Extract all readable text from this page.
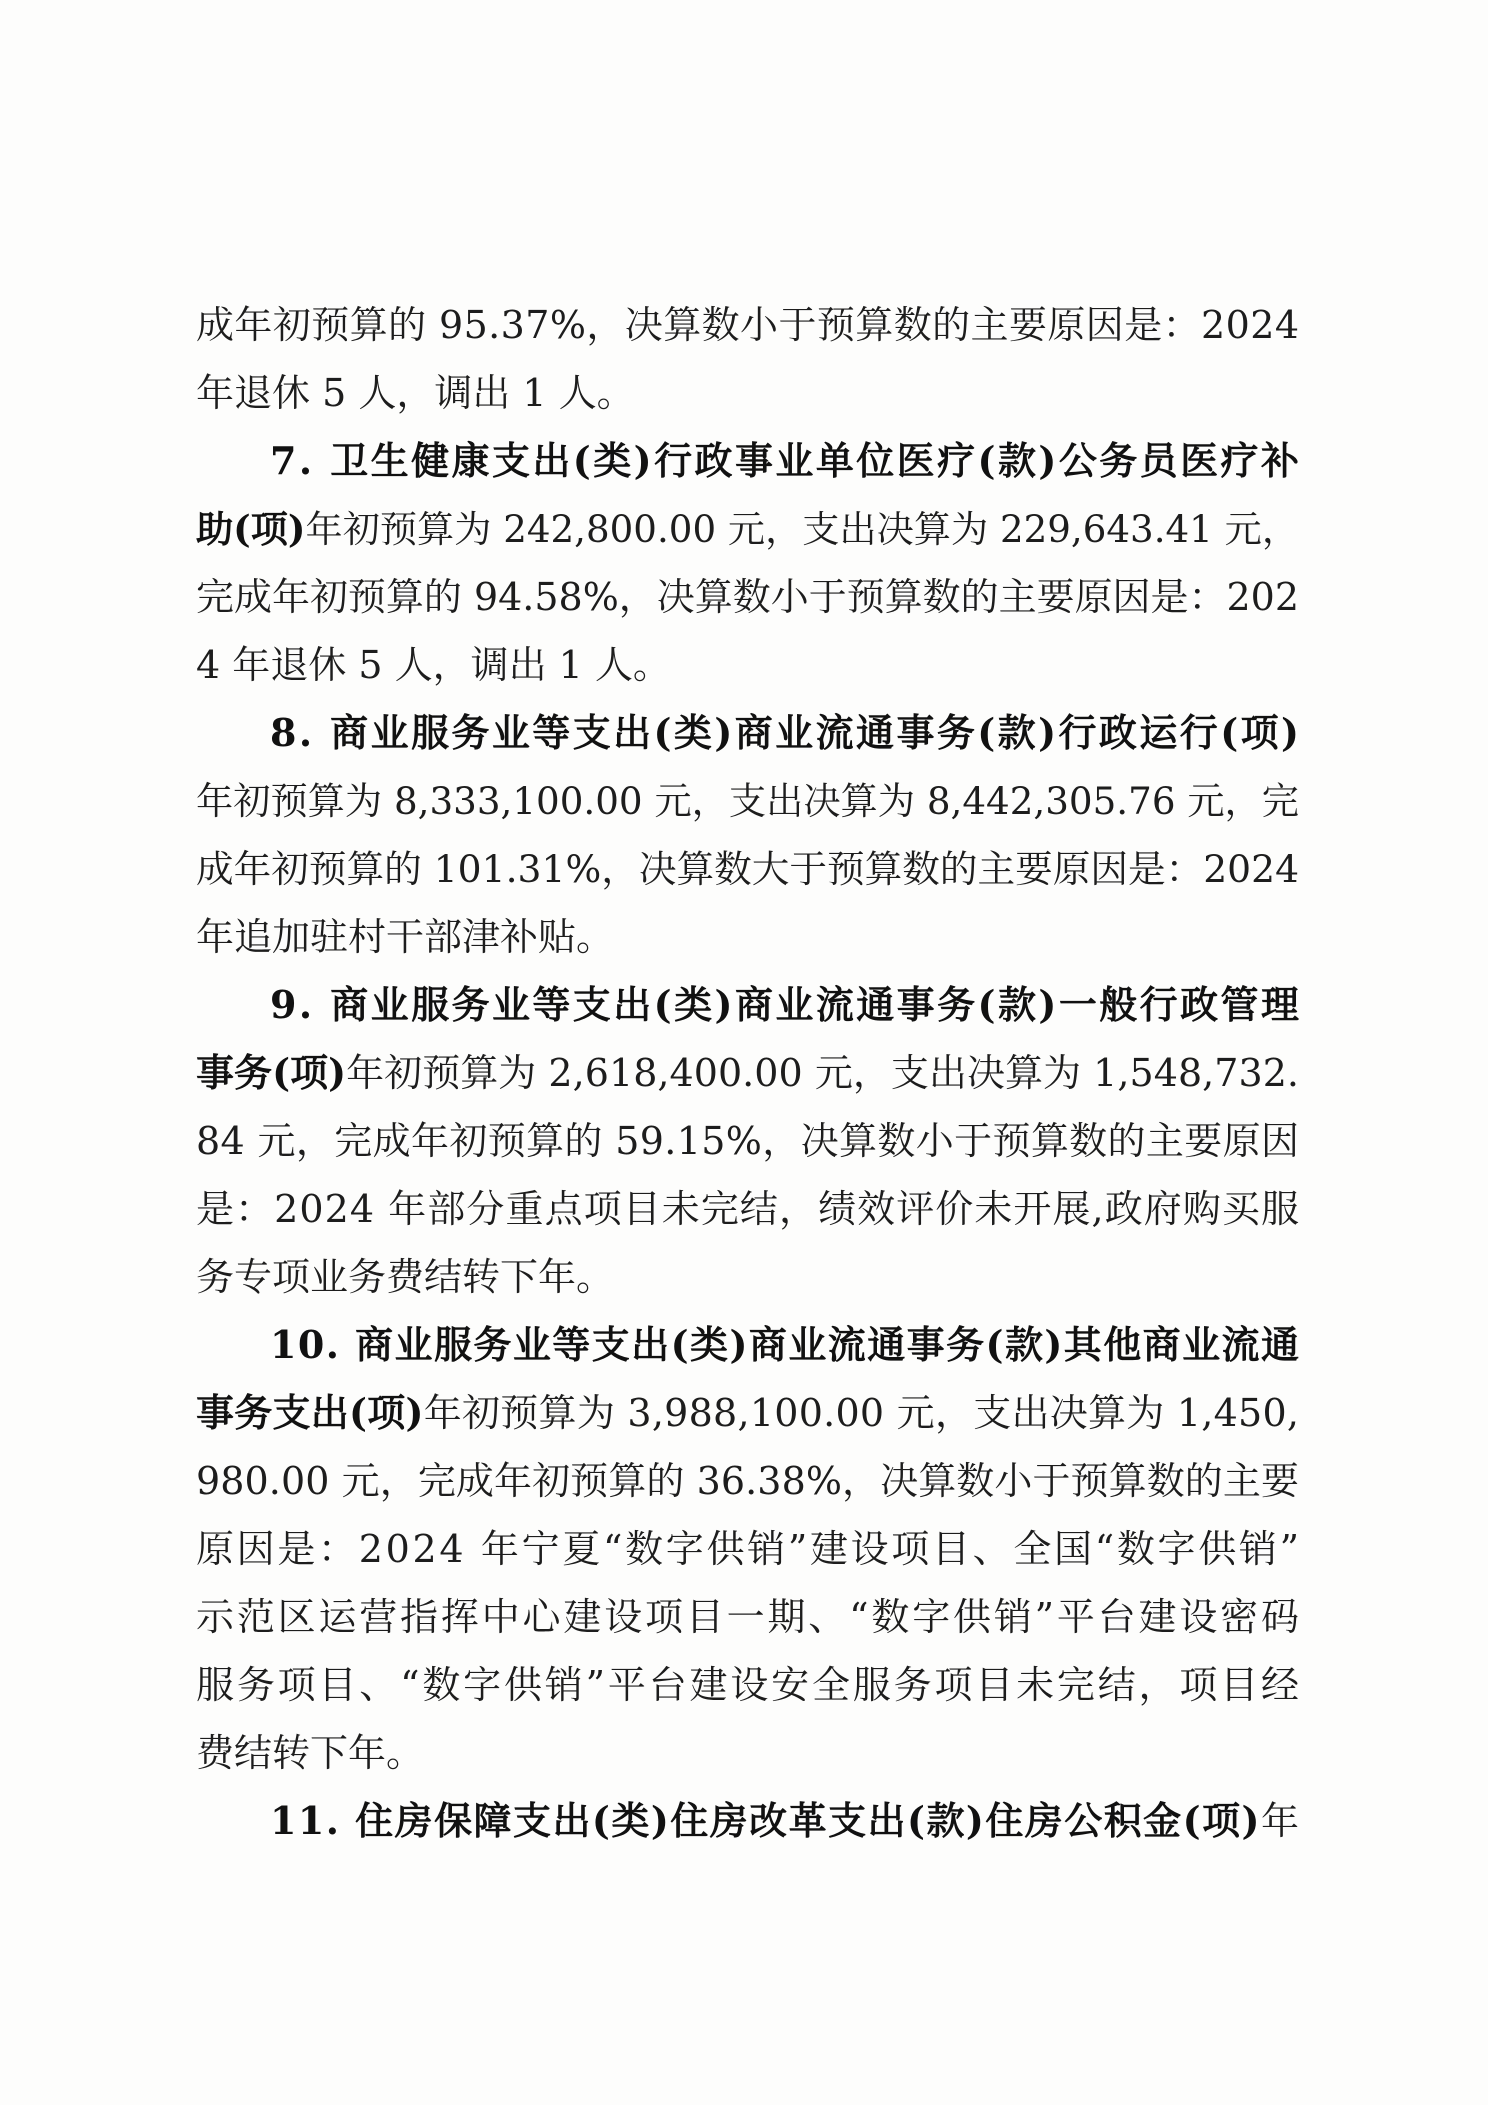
成年初预算的 95.37%，决算数小于预算数的主要原因是：2024
年退休 5 人，调出 1 人。
7. 卫生健康支出(类)行政事业单位医疗(款)公务员医疗补
助(项)年初预算为 242,800.00 元，支出决算为 229,643.41 元，
完成年初预算的 94.58%，决算数小于预算数的主要原因是：202
4 年退休 5 人，调出 1 人。
8. 商业服务业等支出(类)商业流通事务(款)行政运行(项)
年初预算为 8,333,100.00 元，支出决算为 8,442,305.76 元，完
成年初预算的 101.31%，决算数大于预算数的主要原因是：2024
年追加驻村干部津补贴。
9. 商业服务业等支出(类)商业流通事务(款)一般行政管理
事务(项)年初预算为 2,618,400.00 元，支出决算为 1,548,732.
84 元，完成年初预算的 59.15%，决算数小于预算数的主要原因
是：2024 年部分重点项目未完结，绩效评价未开展,政府购买服
务专项业务费结转下年。
10. 商业服务业等支出(类)商业流通事务(款)其他商业流通
事务支出(项)年初预算为 3,988,100.00 元，支出决算为 1,450,
980.00 元，完成年初预算的 36.38%，决算数小于预算数的主要
原因是：2024 年宁夏“数字供销”建设项目、全国“数字供销”
示范区运营指挥中心建设项目一期、“数字供销”平台建设密码
服务项目、“数字供销”平台建设安全服务项目未完结，项目经
费结转下年。
11. 住房保障支出(类)住房改革支出(款)住房公积金(项)年
